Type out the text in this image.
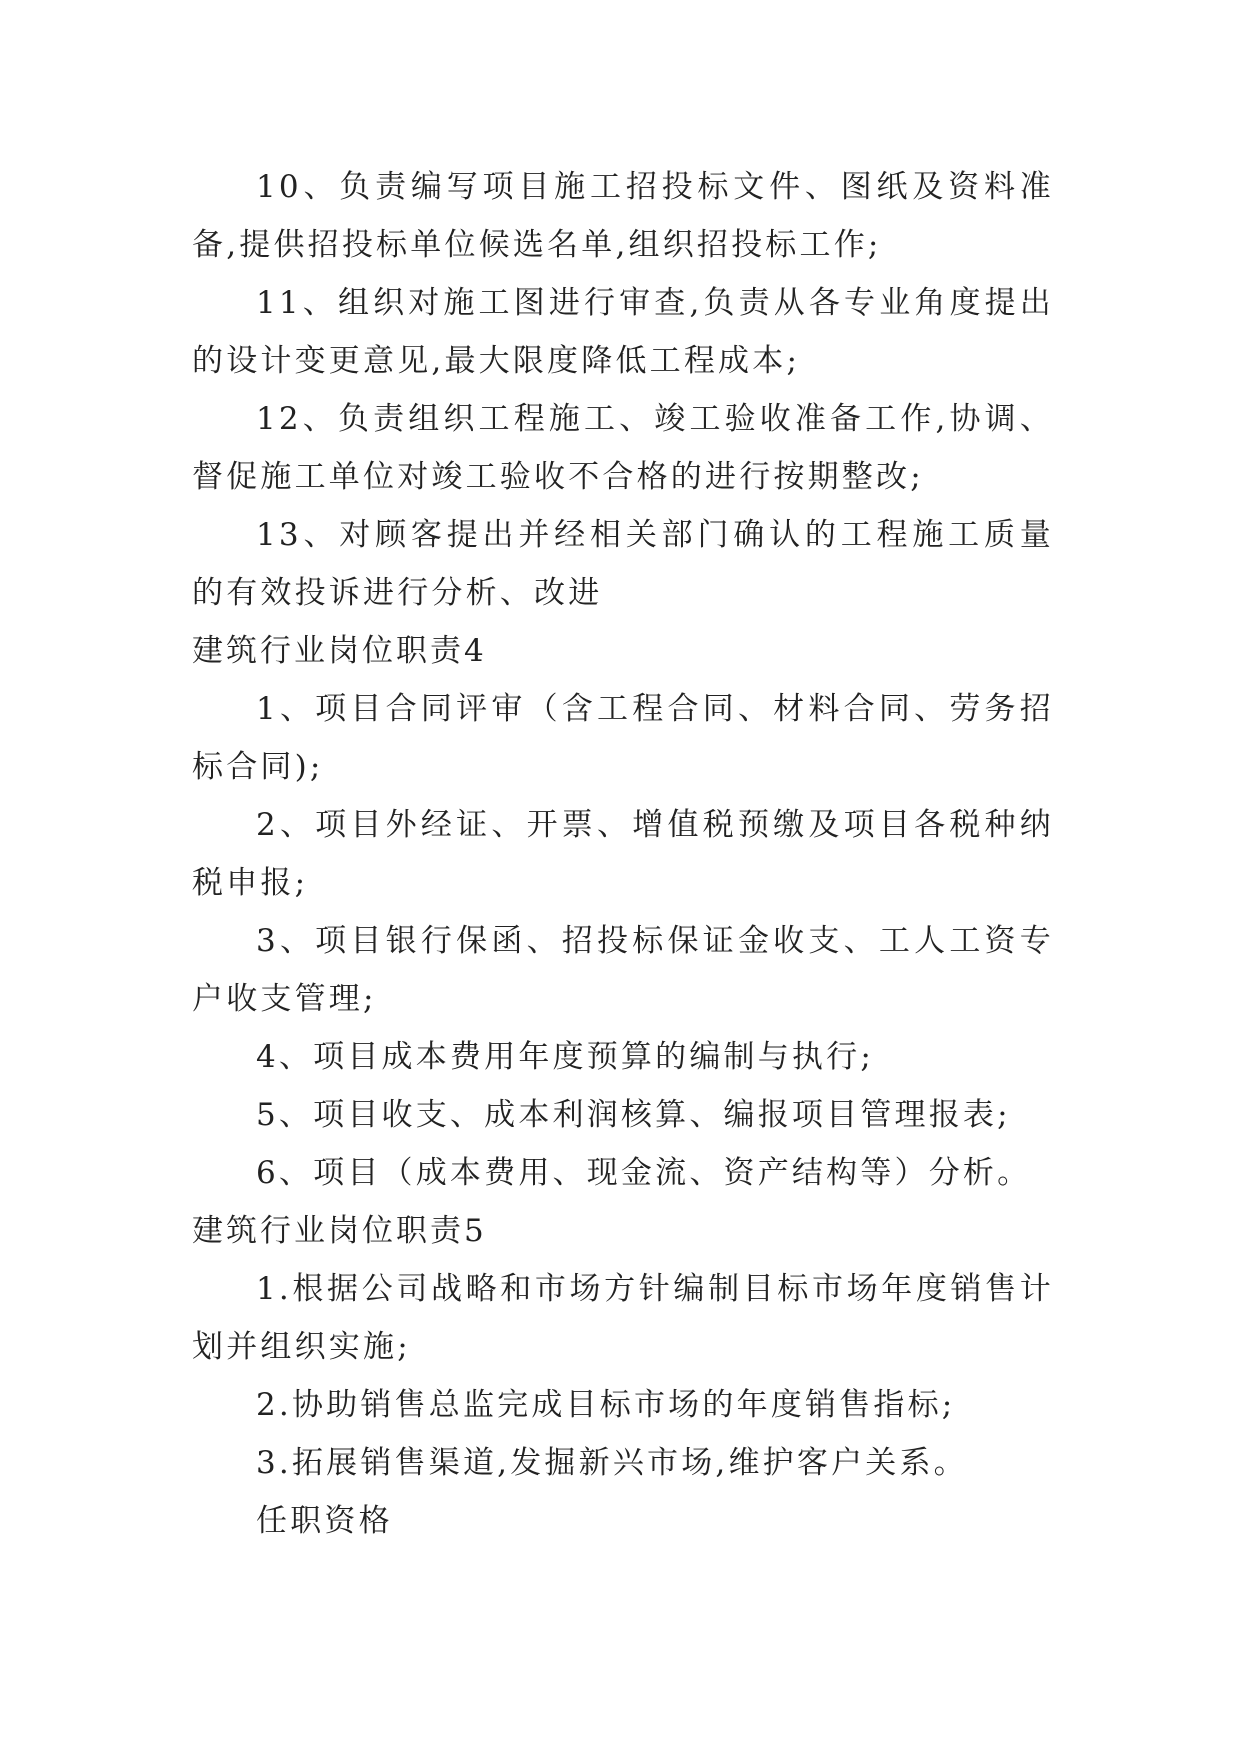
10、负责编写项目施工招投标文件、图纸及资料准备,提供招投标单位候选名单,组织招投标工作;

11、组织对施工图进行审查,负责从各专业角度提出的设计变更意见,最大限度降低工程成本;

12、负责组织工程施工、竣工验收准备工作,协调、督促施工单位对竣工验收不合格的进行按期整改;

13、对顾客提出并经相关部门确认的工程施工质量的有效投诉进行分析、改进

建筑行业岗位职责4

1、项目合同评审（含工程合同、材料合同、劳务招标合同);

2、项目外经证、开票、增值税预缴及项目各税种纳税申报;

3、项目银行保函、招投标保证金收支、工人工资专户收支管理;

4、项目成本费用年度预算的编制与执行;

5、项目收支、成本利润核算、编报项目管理报表;

6、项目（成本费用、现金流、资产结构等）分析。

建筑行业岗位职责5

1.根据公司战略和市场方针编制目标市场年度销售计划并组织实施;

2.协助销售总监完成目标市场的年度销售指标;

3.拓展销售渠道,发掘新兴市场,维护客户关系。

任职资格
